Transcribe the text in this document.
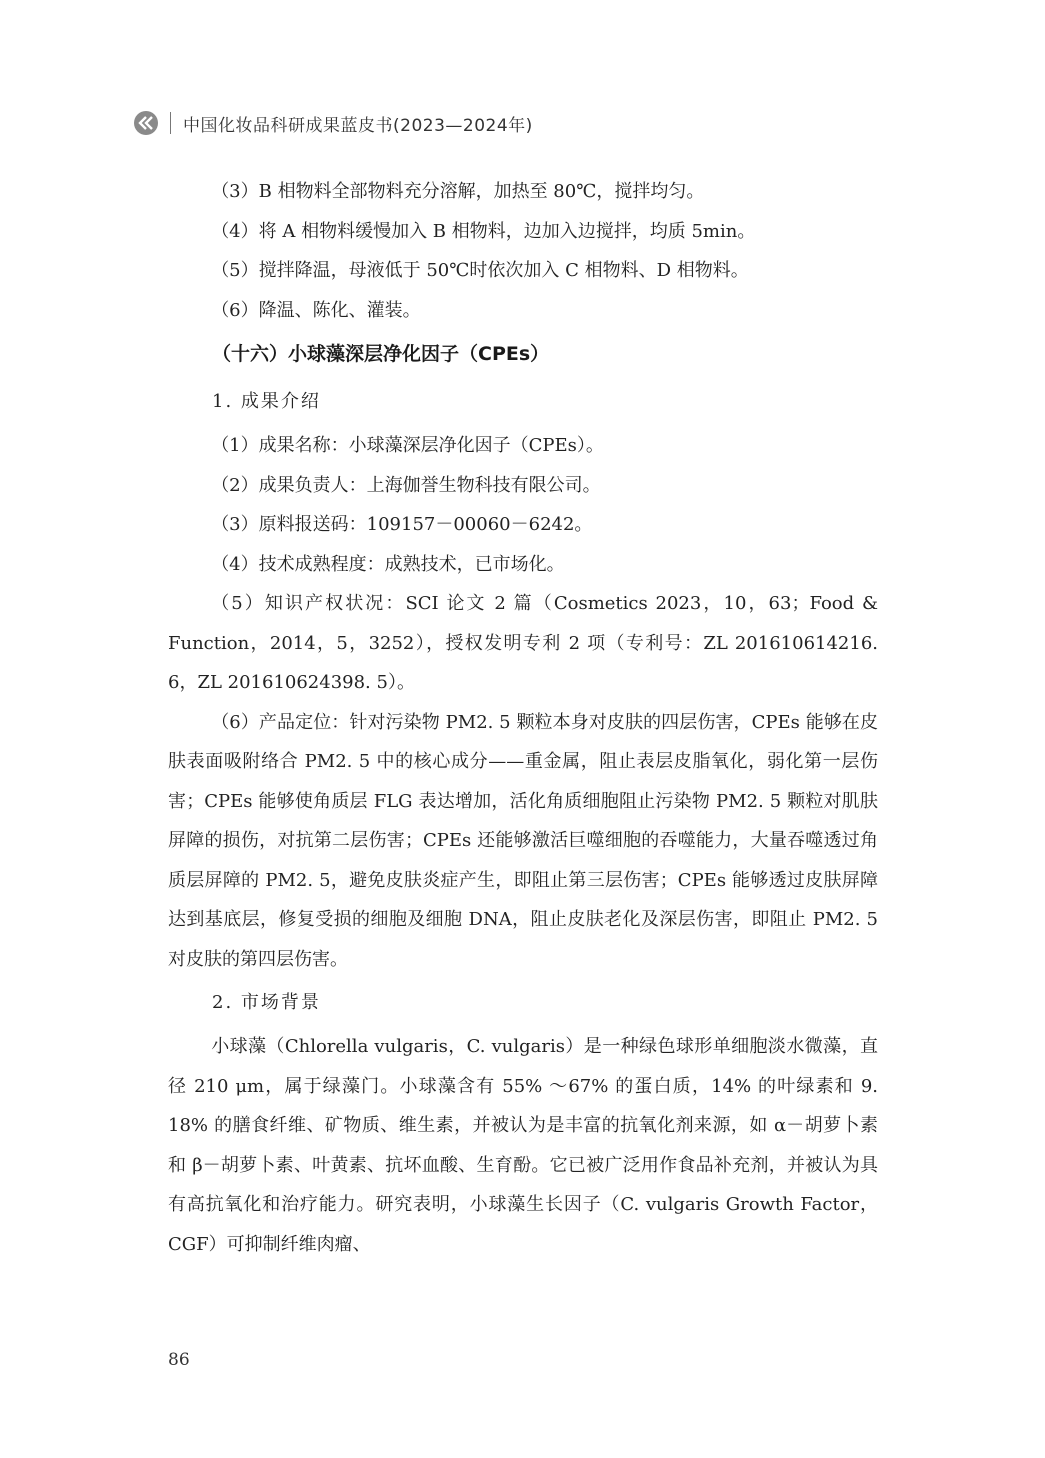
中国化妆品科研成果蓝皮书(2023—2024年)

（3）B 相物料全部物料充分溶解，加热至 80℃，搅拌均匀。

（4）将 A 相物料缓慢加入 B 相物料，边加入边搅拌，均质 5min。

（5）搅拌降温，母液低于 50℃时依次加入 C 相物料、D 相物料。

（6）降温、陈化、灌装。

（十六）小球藻深层净化因子（CPEs）

1. 成果介绍

（1）成果名称：小球藻深层净化因子（CPEs）。

（2）成果负责人：上海伽誉生物科技有限公司。

（3）原料报送码：109157－00060－6242。

（4）技术成熟程度：成熟技术，已市场化。

（5）知识产权状况：SCI 论文 2 篇（Cosmetics 2023，10，63；Food & Function，2014，5，3252），授权发明专利 2 项（专利号：ZL 201610614216. 6，ZL 201610624398. 5）。

（6）产品定位：针对污染物 PM2. 5 颗粒本身对皮肤的四层伤害，CPEs 能够在皮肤表面吸附络合 PM2. 5 中的核心成分——重金属，阻止表层皮脂氧化，弱化第一层伤害；CPEs 能够使角质层 FLG 表达增加，活化角质细胞阻止污染物 PM2. 5 颗粒对肌肤屏障的损伤，对抗第二层伤害；CPEs 还能够激活巨噬细胞的吞噬能力，大量吞噬透过角质层屏障的 PM2. 5，避免皮肤炎症产生，即阻止第三层伤害；CPEs 能够透过皮肤屏障达到基底层，修复受损的细胞及细胞 DNA，阻止皮肤老化及深层伤害，即阻止 PM2. 5 对皮肤的第四层伤害。

2. 市场背景

小球藻（Chlorella vulgaris，C. vulgaris）是一种绿色球形单细胞淡水微藻，直径 210 μm，属于绿藻门。小球藻含有 55% ～67% 的蛋白质，14% 的叶绿素和 9. 18% 的膳食纤维、矿物质、维生素，并被认为是丰富的抗氧化剂来源，如 α－胡萝卜素和 β－胡萝卜素、叶黄素、抗坏血酸、生育酚。它已被广泛用作食品补充剂，并被认为具有高抗氧化和治疗能力。研究表明，小球藻生长因子（C. vulgaris Growth Factor，CGF）可抑制纤维肉瘤、

86
